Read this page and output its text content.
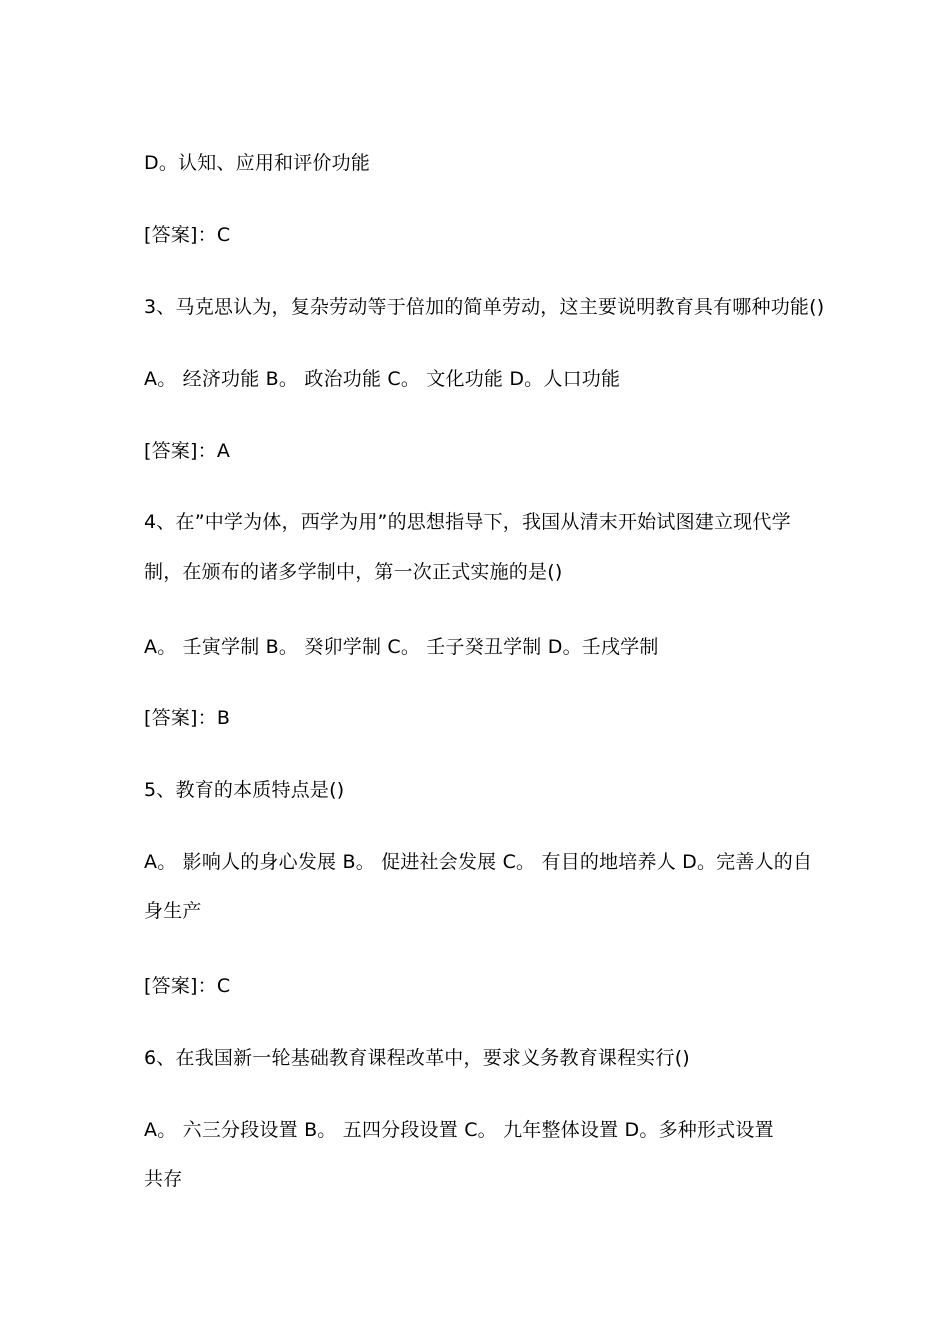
D。认知、应用和评价功能
[答案]：C
3、马克思认为，复杂劳动等于倍加的简单劳动，这主要说明教育具有哪种功能()
A。 经济功能 B。 政治功能 C。 文化功能 D。人口功能
[答案]：A
4、在”中学为体，西学为用”的思想指导下，我国从清末开始试图建立现代学
制，在颁布的诸多学制中，第一次正式实施的是()
A。 壬寅学制 B。 癸卯学制 C。 壬子癸丑学制 D。壬戌学制
[答案]：B
5、教育的本质特点是()
A。 影响人的身心发展 B。 促进社会发展 C。 有目的地培养人 D。完善人的自
身生产
[答案]：C
6、在我国新一轮基础教育课程改革中，要求义务教育课程实行()
A。 六三分段设置 B。 五四分段设置 C。 九年整体设置 D。多种形式设置
共存
